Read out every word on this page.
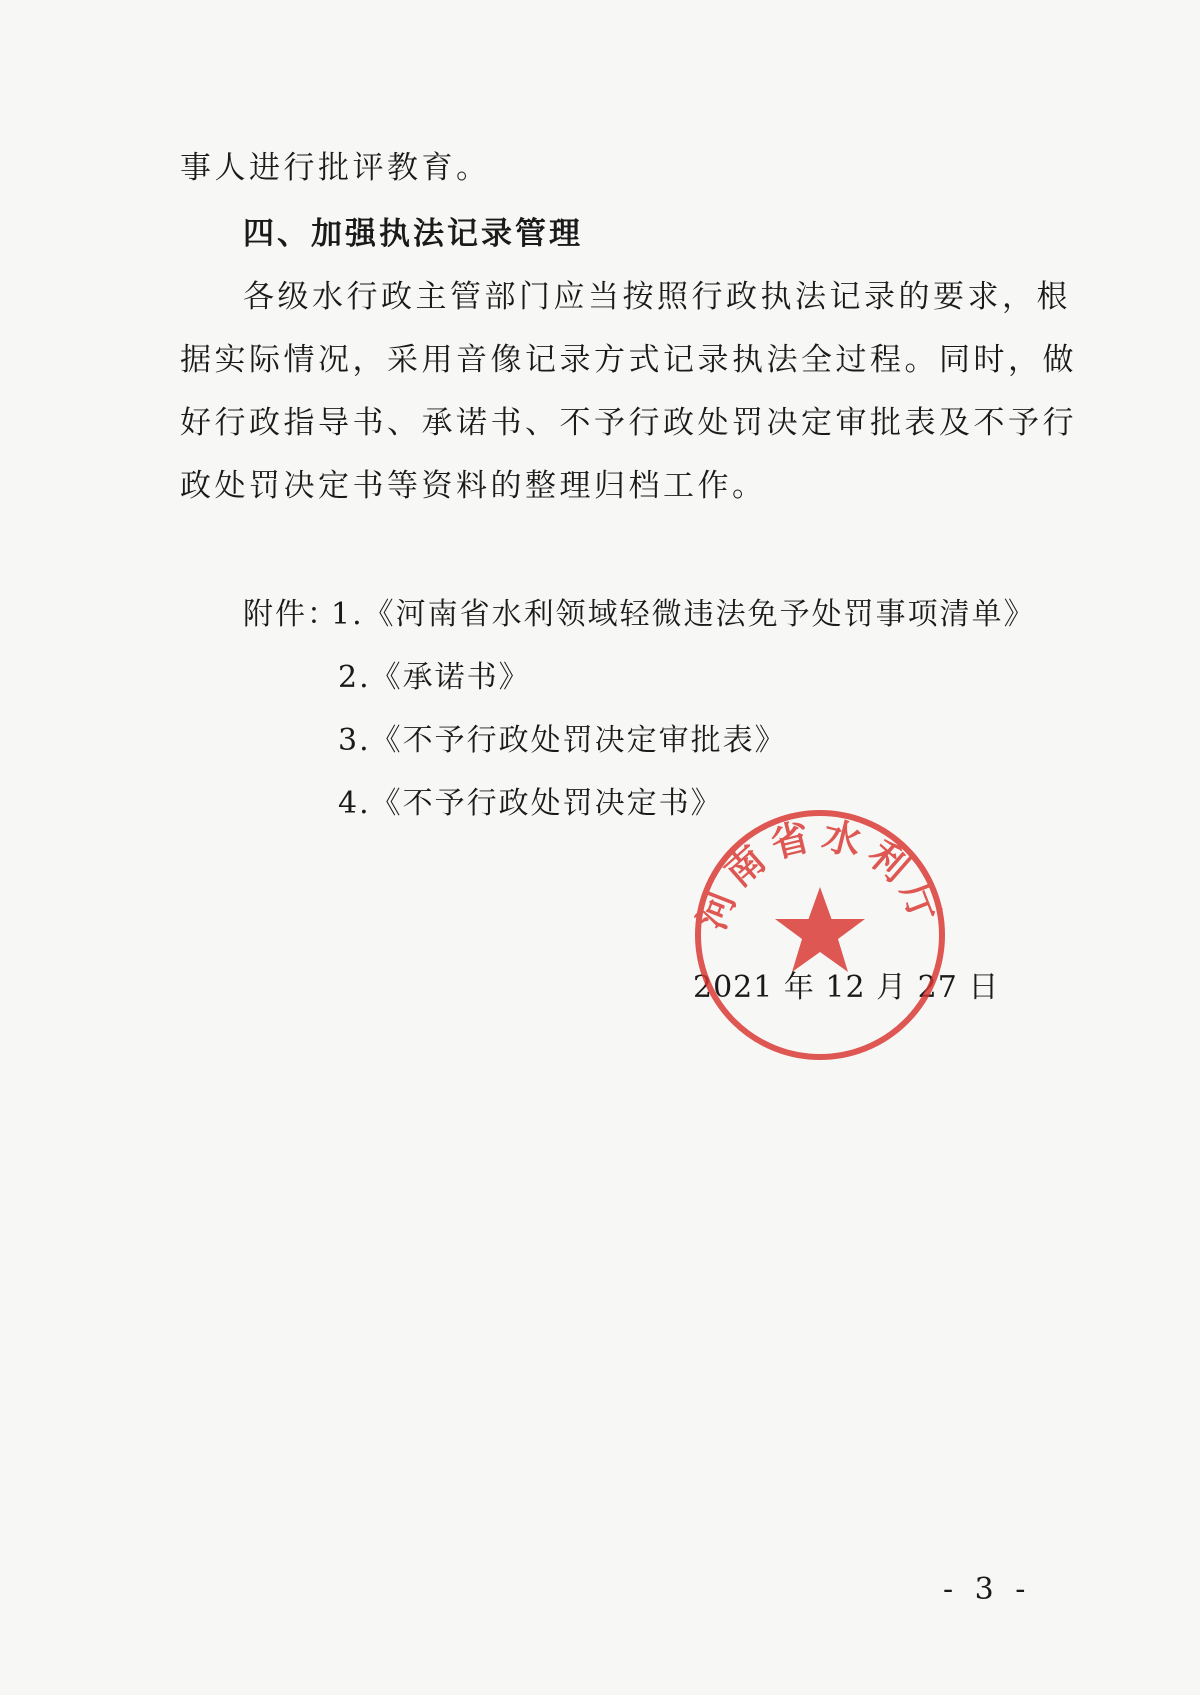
事人进行批评教育。
四、加强执法记录管理
各级水行政主管部门应当按照行政执法记录的要求，根
据实际情况，采用音像记录方式记录执法全过程。同时，做
好行政指导书、承诺书、不予行政处罚决定审批表及不予行
政处罚决定书等资料的整理归档工作。
附件：
1.《河南省水利领域轻微违法免予处罚事项清单》
2.《承诺书》
3.《不予行政处罚决定审批表》
4.《不予行政处罚决定书》
2021 年 12 月 27 日
河南省水利厅
- 3 -
